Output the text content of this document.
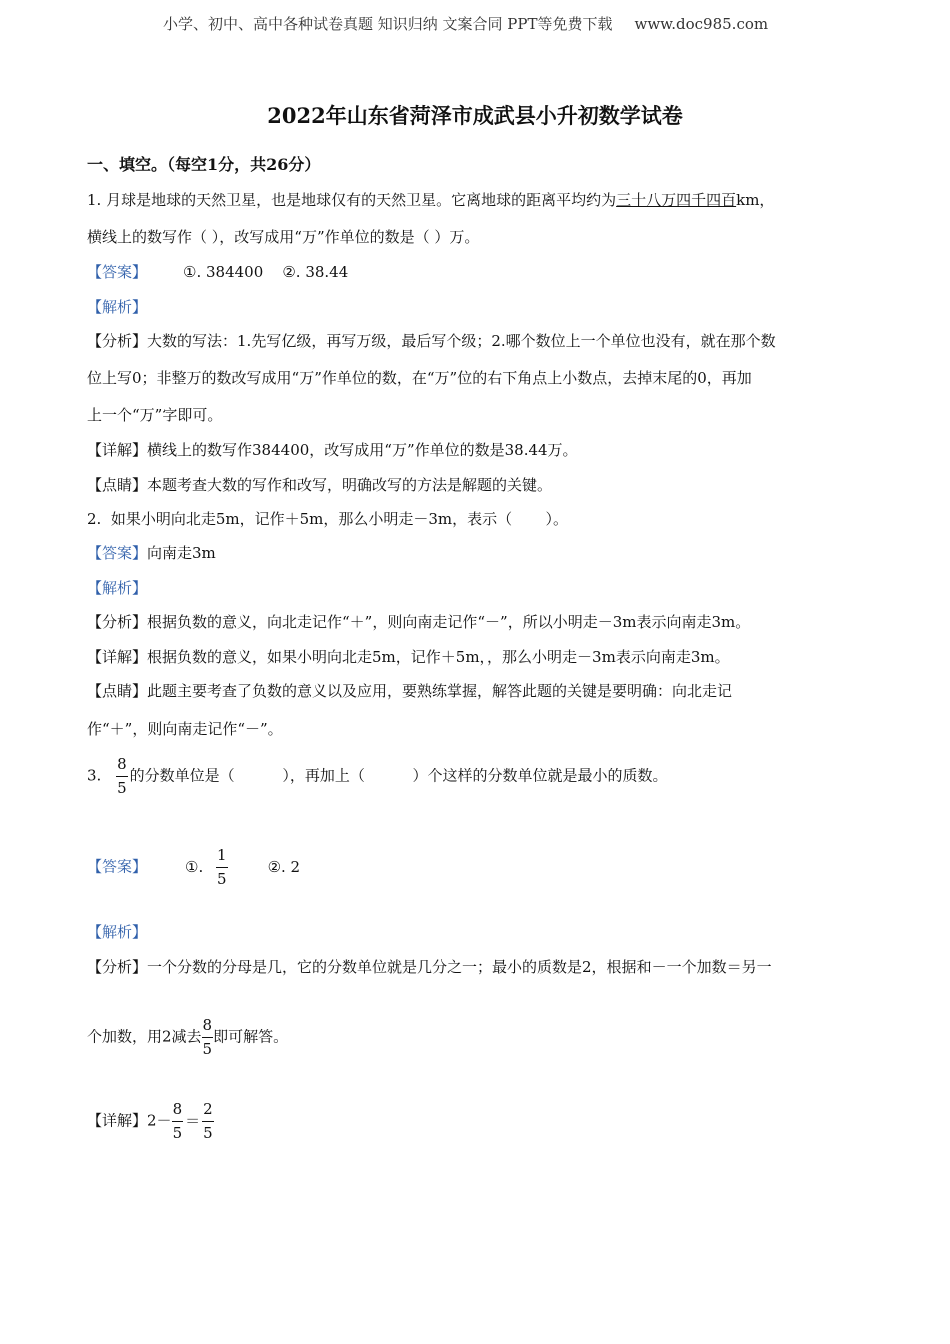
小学、初中、高中各种试卷真题 知识归纳 文案合同 PPT等免费下载 www.doc985.com
2022年山东省菏泽市成武县小升初数学试卷
一、填空。（每空1分，共26分）
1. 月球是地球的天然卫星，也是地球仅有的天然卫星。它离地球的距离平均约为三十八万四千四百km，
横线上的数写作（ ），改写成用“万”作单位的数是（ ）万。
【答案】 ①. 384400    ②. 38.44
【解析】
【分析】大数的写法：1.先写亿级，再写万级，最后写个级；2.哪个数位上一个单位也没有，就在那个数
位上写0；非整万的数改写成用“万”作单位的数，在“万”位的右下角点上小数点，去掉末尾的0，再加
上一个“万”字即可。
【详解】横线上的数写作384400，改写成用“万”作单位的数是38.44万。
【点睛】本题考查大数的写作和改写，明确改写的方法是解题的关键。
2.  如果小明向北走5m，记作＋5m，那么小明走－3m，表示（       ）。
【答案】向南走3m
【解析】
【分析】根据负数的意义，向北走记作“＋”，则向南走记作“－”，所以小明走－3m表示向南走3m。
【详解】根据负数的意义，如果小明向北走5m，记作＋5m，，那么小明走－3m表示向南走3m。
【点睛】此题主要考查了负数的意义以及应用，要熟练掌握，解答此题的关键是要明确：向北走记
作“＋”，则向南走记作“－”。
3. $\frac{8}{5}$ 的分数单位是（          ），再加上（          ）个这样的分数单位就是最小的质数。
【答案】	①. $\frac{1}{5}$	②. 2
【解析】
【分析】一个分数的分母是几，它的分数单位就是几分之一；最小的质数是2，根据和－一个加数＝另一
个加数，用2减去 $\frac{8}{5}$ 即可解答。
【详解】$2- \frac{8}{5} = \frac{2}{5}$
